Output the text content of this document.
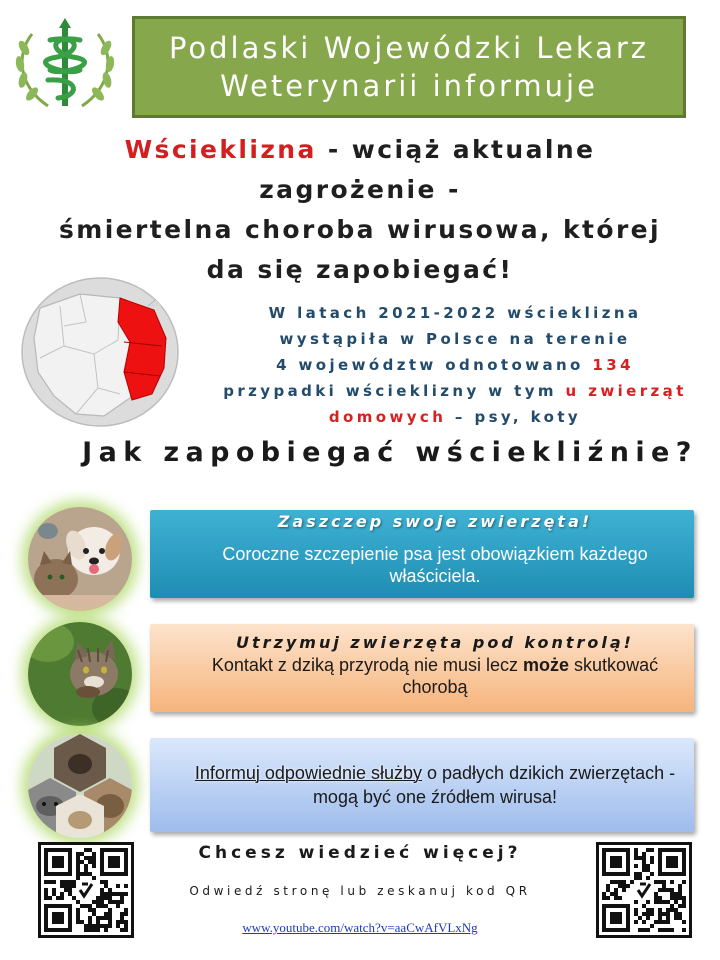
Podlaski Wojewódzki Lekarz
Weterynarii informuje
Wścieklizna - wciąż aktualne
zagrożenie -
śmiertelna choroba wirusowa, której
da się zapobiegać!
W latach 2021-2022 wścieklizna
wystąpiła w Polsce na terenie
4 województw odnotowano 134
przypadki wścieklizny w tym u zwierząt
domowych – psy, koty
Jak zapobiegać wściekliźnie?
Zaszczep swoje zwierzęta!
Coroczne szczepienie psa jest obowiązkiem każdego właściciela.
Utrzymuj zwierzęta pod kontrolą!
Kontakt z dziką przyrodą nie musi lecz może skutkować chorobą
Informuj odpowiednie służby o padłych dzikich zwierzętach - mogą być one źródłem wirusa!
Chcesz wiedzieć więcej?
Odwiedź stronę lub zeskanuj kod QR
www.youtube.com/watch?v=aaCwAfVLxNg
